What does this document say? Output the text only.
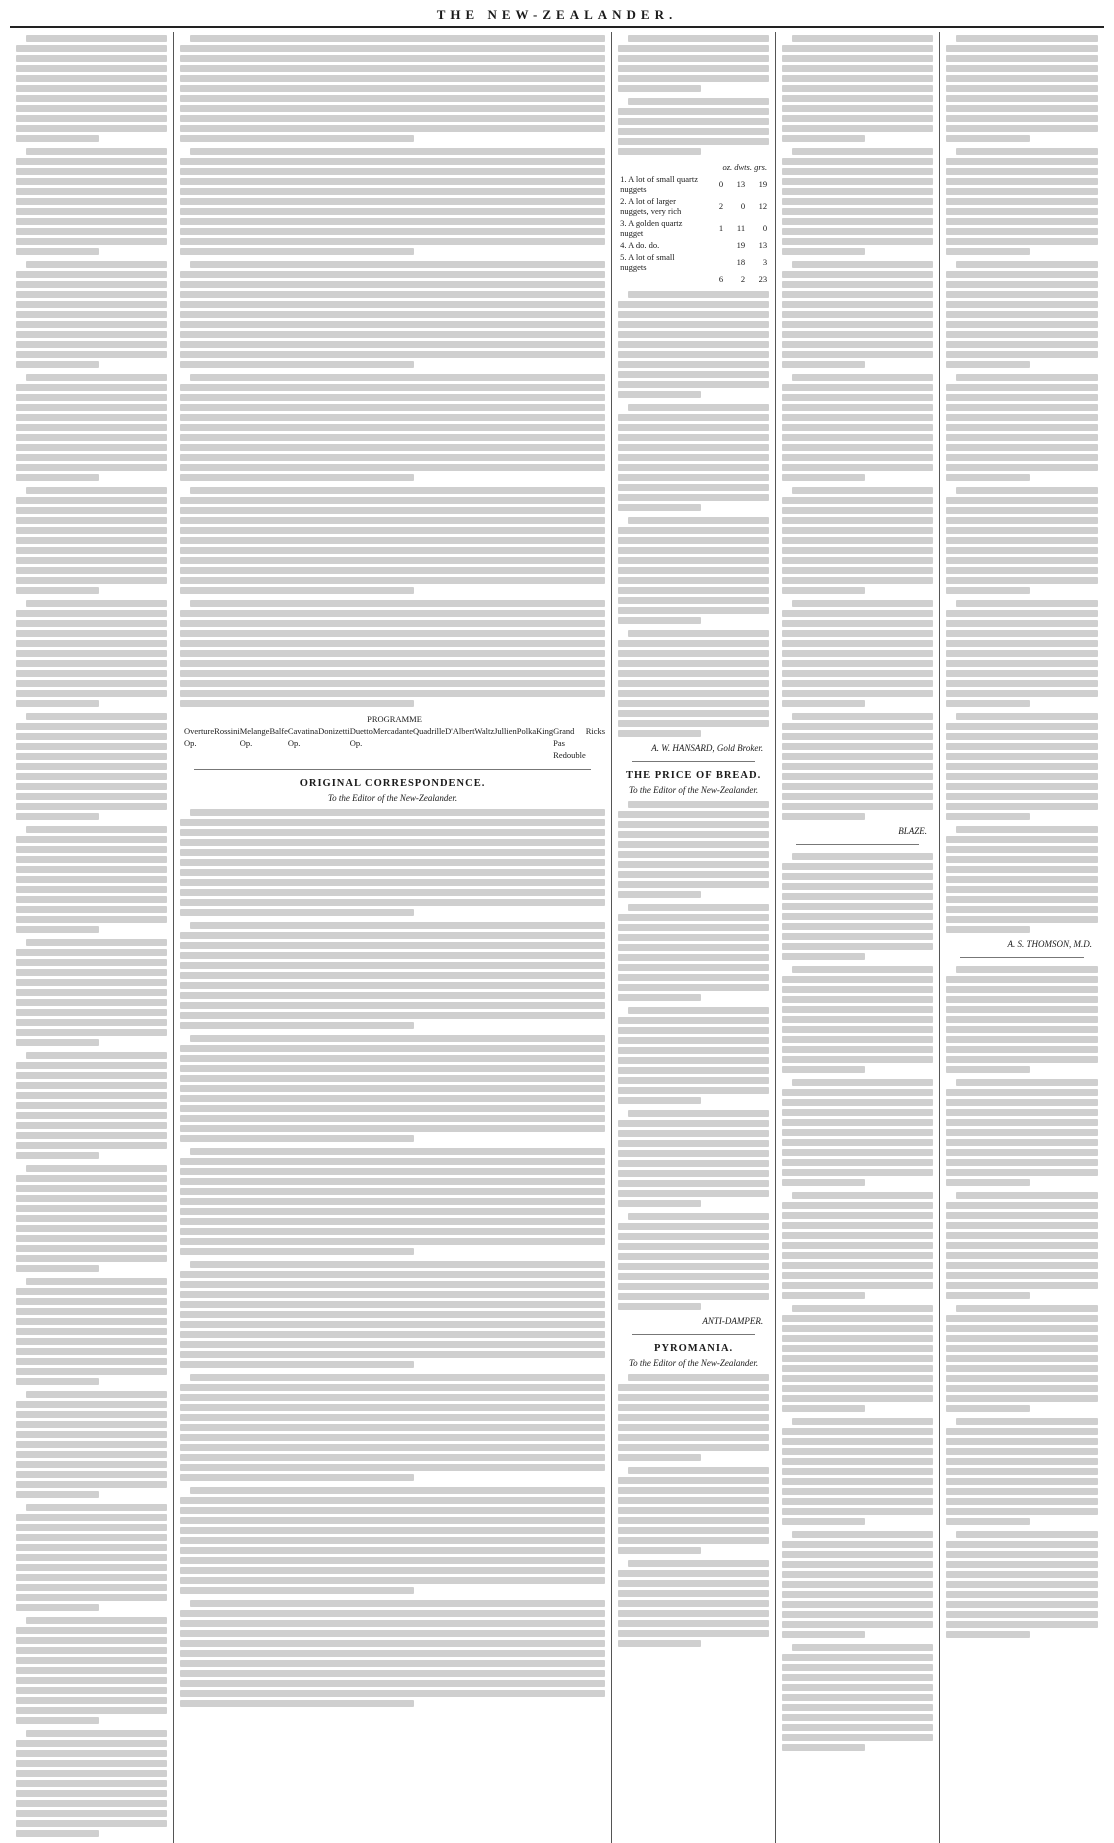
THE NEW-ZEALANDER.
PROGRAMME
Overture Op.
Rossini Melange Op.
Balfe Cavatina Op.
Donizetti Duetto Op.
Mercadante Quadrille D'Albert Waltz Jullien Polka King Grand Pas Redouble
Ricks
ORIGINAL CORRESPONDENCE.
To the Editor of the New-Zealander.
	oz. dwts. grs.		
1. A lot of small quartz nuggets	0	13	19
2. A lot of larger nuggets, very rich	2	0	12
3. A golden quartz nugget	1	11	0
4. A do. do.		19	13
5. A lot of small nuggets		18	3
	6	2	23
A. W. HANSARD, Gold Broker.
THE PRICE OF BREAD.
To the Editor of the New-Zealander.
ANTI-DAMPER.
PYROMANIA.
To the Editor of the New-Zealander.
BLAZE.
A. S. THOMSON, M.D.
